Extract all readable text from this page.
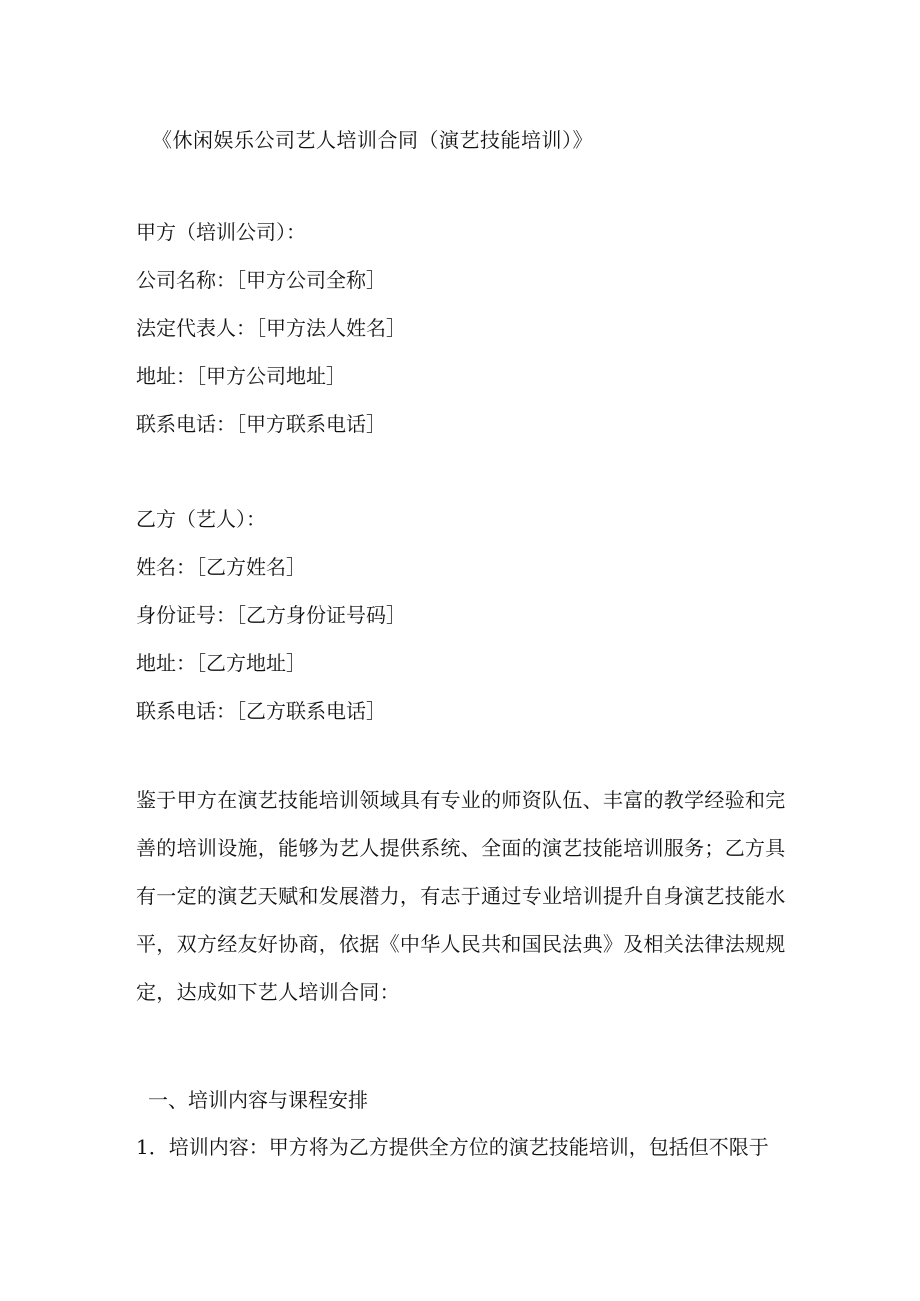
《休闲娱乐公司艺人培训合同（演艺技能培训）》
甲方（培训公司）：
公司名称：［甲方公司全称］
法定代表人：［甲方法人姓名］
地址：［甲方公司地址］
联系电话：［甲方联系电话］
乙方（艺人）：
姓名：［乙方姓名］
身份证号：［乙方身份证号码］
地址：［乙方地址］
联系电话：［乙方联系电话］
鉴于甲方在演艺技能培训领域具有专业的师资队伍、丰富的教学经验和完
善的培训设施，能够为艺人提供系统、全面的演艺技能培训服务；乙方具
有一定的演艺天赋和发展潜力，有志于通过专业培训提升自身演艺技能水
平，双方经友好协商，依据《中华人民共和国民法典》及相关法律法规规
定，达成如下艺人培训合同：
一、培训内容与课程安排
1．培训内容：甲方将为乙方提供全方位的演艺技能培训，包括但不限于
